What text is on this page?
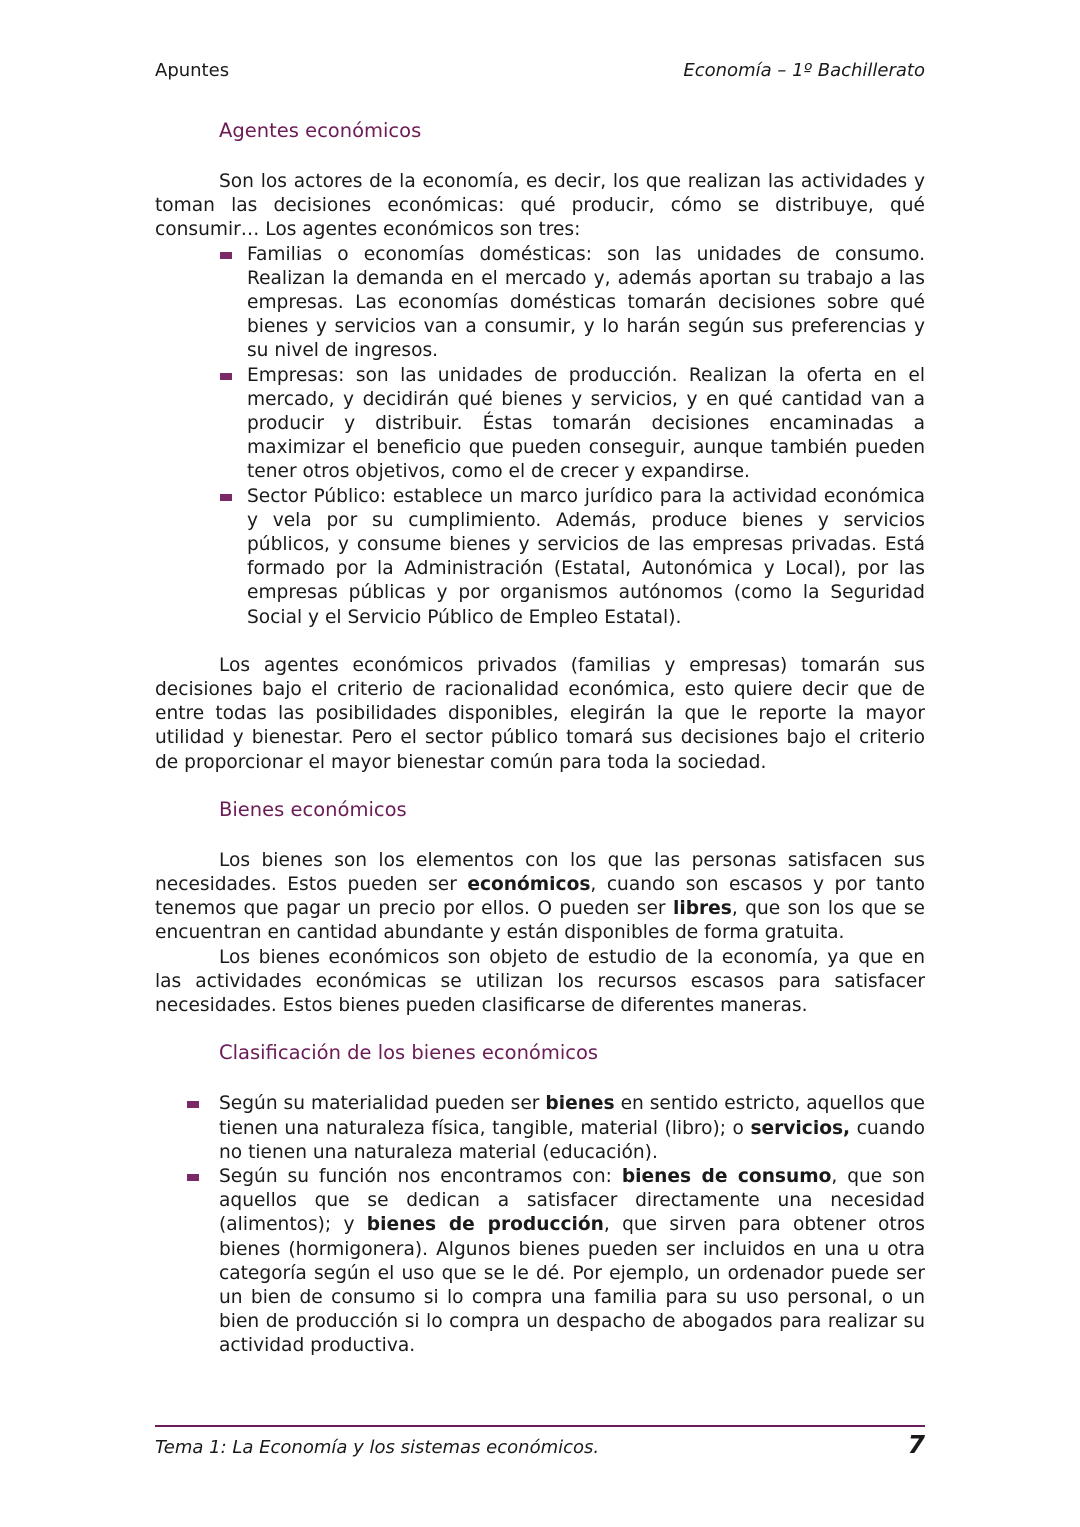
Apuntes	Economía – 1º Bachillerato
Agentes económicos

Son los actores de la economía, es decir, los que realizan las actividades y toman las decisiones económicas: qué producir, cómo se distribuye, qué consumir… Los agentes económicos son tres:

Familias o economías domésticas: son las unidades de consumo. Realizan la demanda en el mercado y, además aportan su trabajo a las empresas. Las economías domésticas tomarán decisiones sobre qué bienes y servicios van a consumir, y lo harán según sus preferencias y su nivel de ingresos.
Empresas: son las unidades de producción. Realizan la oferta en el mercado, y decidirán qué bienes y servicios, y en qué cantidad van a producir y distribuir. Éstas tomarán decisiones encaminadas a maximizar el beneficio que pueden conseguir, aunque también pueden tener otros objetivos, como el de crecer y expandirse.
Sector Público: establece un marco jurídico para la actividad económica y vela por su cumplimiento. Además, produce bienes y servicios públicos, y consume bienes y servicios de las empresas privadas. Está formado por la Administración (Estatal, Autonómica y Local), por las empresas públicas y por organismos autónomos (como la Seguridad Social y el Servicio Público de Empleo Estatal).

Los agentes económicos privados (familias y empresas) tomarán sus decisiones bajo el criterio de racionalidad económica, esto quiere decir que de entre todas las posibilidades disponibles, elegirán la que le reporte la mayor utilidad y bienestar. Pero el sector público tomará sus decisiones bajo el criterio de proporcionar el mayor bienestar común para toda la sociedad.

Bienes económicos

Los bienes son los elementos con los que las personas satisfacen sus necesidades. Estos pueden ser económicos, cuando son escasos y por tanto tenemos que pagar un precio por ellos. O pueden ser libres, que son los que se encuentran en cantidad abundante y están disponibles de forma gratuita.

Los bienes económicos son objeto de estudio de la economía, ya que en las actividades económicas se utilizan los recursos escasos para satisfacer necesidades. Estos bienes pueden clasificarse de diferentes maneras.

Clasificación de los bienes económicos
Según su materialidad pueden ser bienes en sentido estricto, aquellos que tienen una naturaleza física, tangible, material (libro); o servicios, cuando no tienen una naturaleza material (educación).
Según su función nos encontramos con: bienes de consumo, que son aquellos que se dedican a satisfacer directamente una necesidad (alimentos); y bienes de producción, que sirven para obtener otros bienes (hormigonera). Algunos bienes pueden ser incluidos en una u otra categoría según el uso que se le dé. Por ejemplo, un ordenador puede ser un bien de consumo si lo compra una familia para su uso personal, o un bien de producción si lo compra un despacho de abogados para realizar su actividad productiva.
Tema 1: La Economía y los sistemas económicos.	7
